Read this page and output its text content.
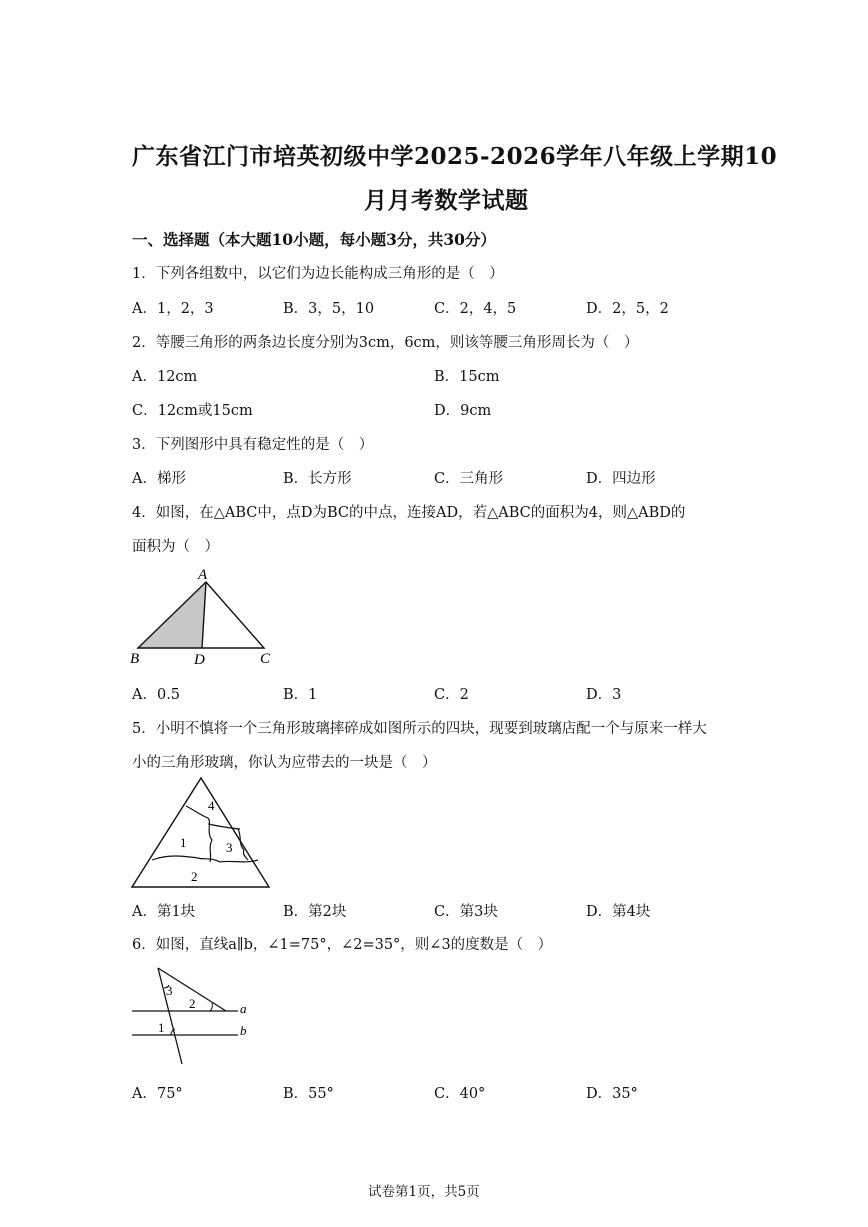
广东省江门市培英初级中学2025-2026学年八年级上学期10
月月考数学试题
一、选择题（本大题10小题，每小题3分，共30分）
1．下列各组数中，以它们为边长能构成三角形的是（　）
A．1，2，3	B．3，5，10	C．2，4，5	D．2，5，2
2．等腰三角形的两条边长度分别为3cm，6cm，则该等腰三角形周长为（　）
A．12cm	B．15cm
C．12cm或15cm	D．9cm
3．下列图形中具有稳定性的是（　）
A．梯形	B．长方形	C．三角形	D．四边形
4．如图，在△ABC中，点D为BC的中点，连接AD，若△ABC的面积为4，则△ABD的
面积为（　）
A
B	D	C
A．0.5	B．1	C．2	D．3
5．小明不慎将一个三角形玻璃摔碎成如图所示的四块，现要到玻璃店配一个与原来一样大
小的三角形玻璃，你认为应带去的一块是（　）
4
1	3
2
A．第1块	B．第2块	C．第3块	D．第4块
6．如图，直线a∥b，∠1=75°，∠2=35°，则∠3的度数是（　）
3
2
1
a
b
A．75°	B．55°	C．40°	D．35°
试卷第1页，共5页
